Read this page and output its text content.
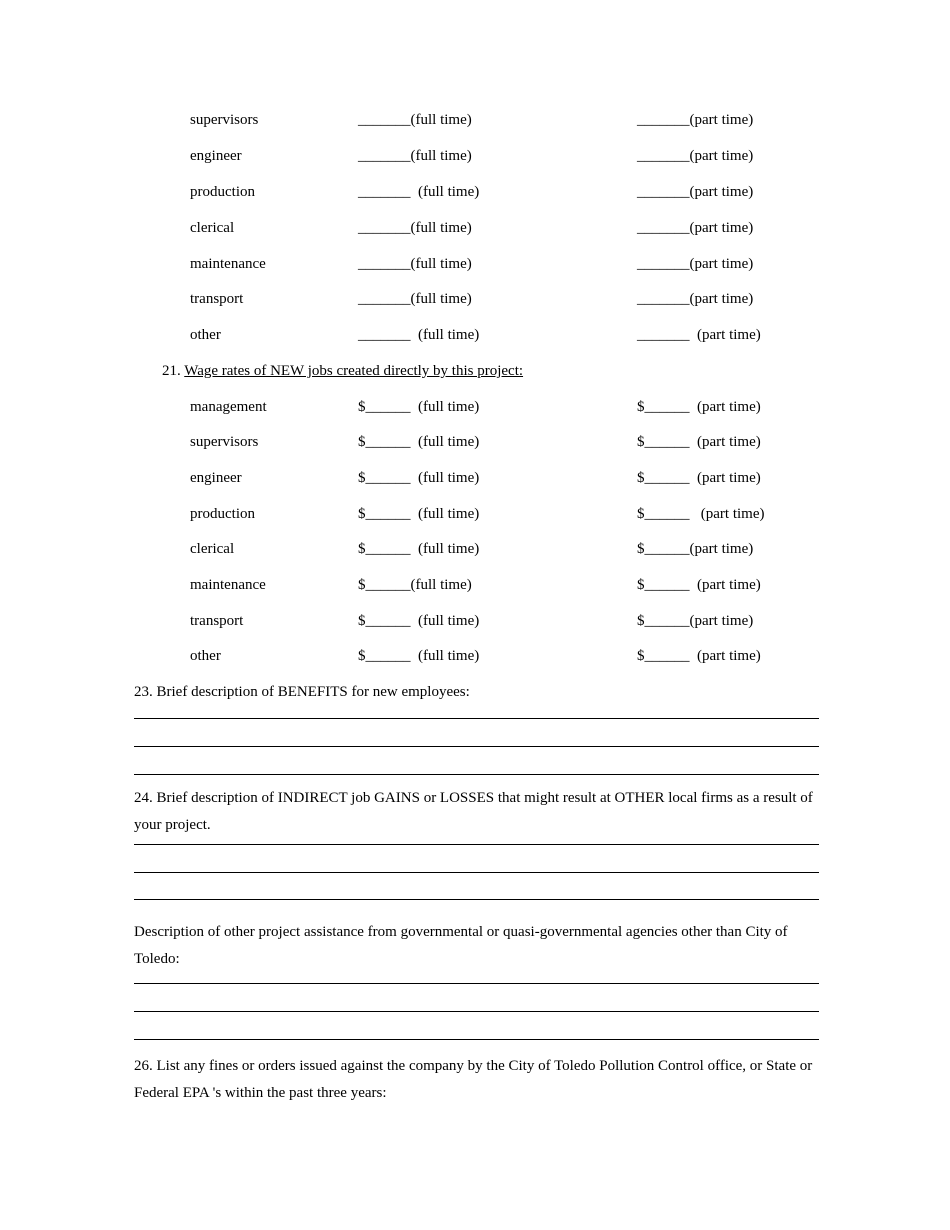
supervisors	_______(full time)	_______(part time)
engineer	_______(full time)	_______(part time)
production	_______  (full time)	_______(part time)
clerical	_______(full time)	_______(part time)
maintenance	_______(full time)	_______(part time)
transport	_______(full time)	_______(part time)
other	_______  (full time)	_______  (part time)
21. Wage rates of NEW jobs created directly by this project:
management	$______  (full time)	$______  (part time)
supervisors	$______  (full time)	$______  (part time)
engineer	$______  (full time)	$______  (part time)
production	$______  (full time)	$______   (part time)
clerical	$______  (full time)	$______(part time)
maintenance	$______(full time)	$______  (part time)
transport	$______  (full time)	$______(part time)
other	$______  (full time)	$______  (part time)
23. Brief description of BENEFITS for new employees:

24. Brief description of INDIRECT job GAINS or LOSSES that might result at OTHER local firms as a result of your project.

Description of other project assistance from governmental or quasi-governmental agencies other than City of Toledo:

26. List any fines or orders issued against the company by the City of Toledo Pollution Control office, or State or Federal EPA 's within the past three years:
